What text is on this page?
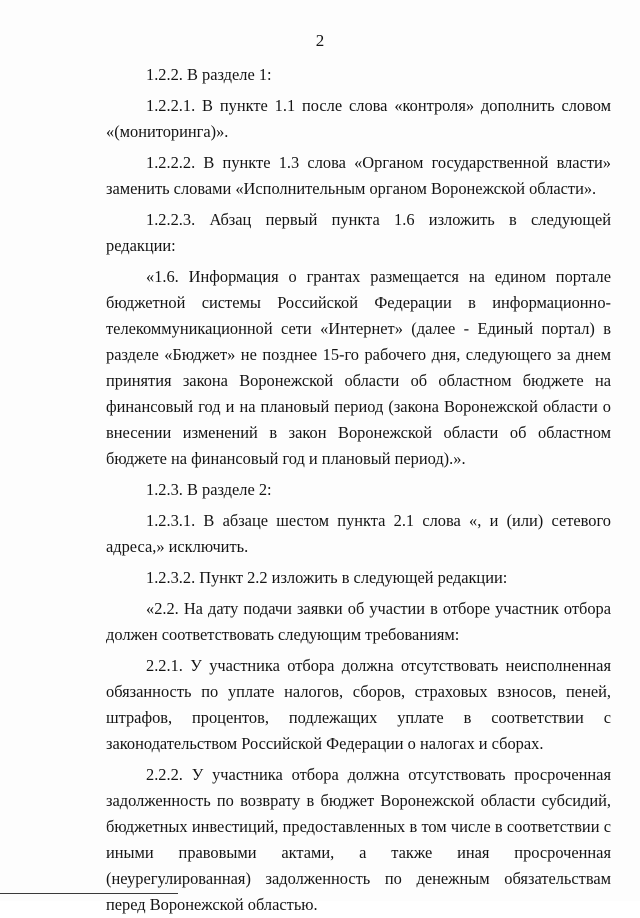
2

1.2.2. В разделе 1:

1.2.2.1. В пункте 1.1 после слова «контроля» дополнить словом «(мониторинга)».

1.2.2.2. В пункте 1.3 слова «Органом государственной власти» заменить словами «Исполнительным органом Воронежской области».

1.2.2.3. Абзац первый пункта 1.6 изложить в следующей редакции:

«1.6. Информация о грантах размещается на едином портале бюджетной системы Российской Федерации в информационно-телекоммуникационной сети «Интернет» (далее - Единый портал) в разделе «Бюджет» не позднее 15-го рабочего дня, следующего за днем принятия закона Воронежской области об областном бюджете на финансовый год и на плановый период (закона Воронежской области о внесении изменений в закон Воронежской области об областном бюджете на финансовый год и плановый период).».

1.2.3. В разделе 2:

1.2.3.1. В абзаце шестом пункта 2.1 слова «, и (или) сетевого адреса,» исключить.

1.2.3.2. Пункт 2.2 изложить в следующей редакции:

«2.2. На дату подачи заявки об участии в отборе участник отбора должен соответствовать следующим требованиям:

2.2.1. У участника отбора должна отсутствовать неисполненная обязанность по уплате налогов, сборов, страховых взносов, пеней, штрафов, процентов, подлежащих уплате в соответствии с законодательством Российской Федерации о налогах и сборах.

2.2.2. У участника отбора должна отсутствовать просроченная задолженность по возврату в бюджет Воронежской области субсидий, бюджетных инвестиций, предоставленных в том числе в соответствии с иными правовыми актами, а также иная просроченная (неурегулированная) задолженность по денежным обязательствам перед Воронежской областью.
